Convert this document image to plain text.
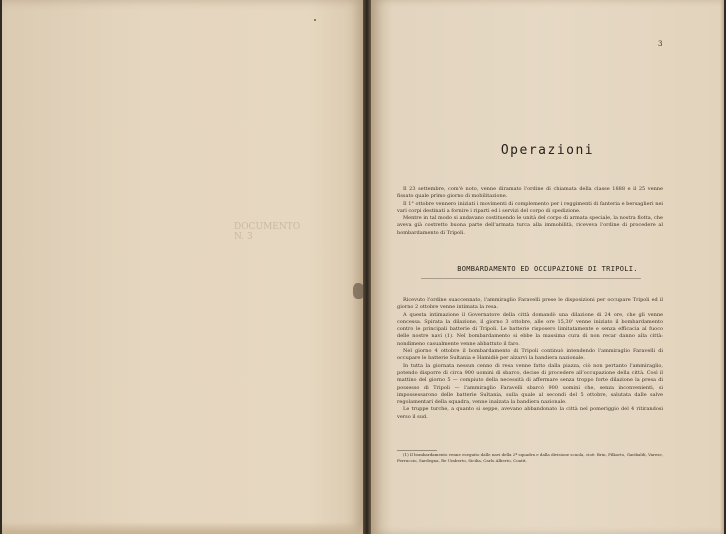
DOCUMENTO N. 3
3
Operazioni

Il 23 settembre, com'è noto, venne diramato l'ordine di chiamata della classe 1888 e il 25 venne fissato quale primo giorno di mobilitazione.

Il 1° ottobre vennero iniziati i movimenti di complemento per i reggimenti di fanteria e bersaglieri nei vari corpi destinati a fornire i riparti ed i servizi del corpo di spedizione.

Mentre in tal modo si andavano costituendo le unità del corpo di armata speciale, la nostra flotta, che aveva già costretto buona parte dell'armata turca alla immobilità, riceveva l'ordine di procedere al bombardamento di Tripoli.

BOMBARDAMENTO ED OCCUPAZIONE DI TRIPOLI.

Ricevuto l'ordine suaccennato, l'ammiraglio Faravelli prese le disposizioni per occupare Tripoli ed il giorno 2 ottobre venne intimata la resa.

A questa intimazione il Governatore della città domandò una dilazione di 24 ore, che gli venne concessa. Spirata la dilazione, il giorno 3 ottobre, alle ore 15,30' venne iniziato il bombardamento contro le principali batterie di Tripoli. Le batterie risposero limitatamente e senza efficacia al fuoco delle nostre navi (1). Nel bombardamento si ebbe la massima cura di non recar danno alla città: nondimeno casualmente venne abbattuto il faro.

Nel giorno 4 ottobre il bombardamento di Tripoli continuò intendendo l'ammiraglio Faravelli di occupare le batterie Sultania e Hamidiè per alzarvi la bandiera nazionale.

In tutta la giornata nessun cenno di resa venne fatto dalla piazza, ciò non pertanto l'ammiraglio, potendo disporre di circa 900 uomini di sbarco, decise di procedere all'occupazione della città. Così il mattino del giorno 5 — compiuto della necessità di affermare senza troppo forte dilazione la presa di possesso di Tripoli — l'ammiraglio Faravelli sbarcò 900 uomini che, senza inconvenienti, si impossessarono delle batterie Sultania, sulla quale al secondi del 5 ottobre, salutata dalle salve regolamentari della squadra, venne inalzata la bandiera nazionale.

Le truppe turche, a quanto si seppe, avevano abbandonato la città nel pomeriggio del 4 ritirandosi verso il sud.

(1) Il bombardamento venne eseguito dalle navi della 2ª squadra e dalla divisione scuola, cioè: Brin, Pilkorto, Garibaldi, Varese, Ferruccio, Sardegna, Re Umberto, Sicilia, Carlo Alberto, Coatit.
